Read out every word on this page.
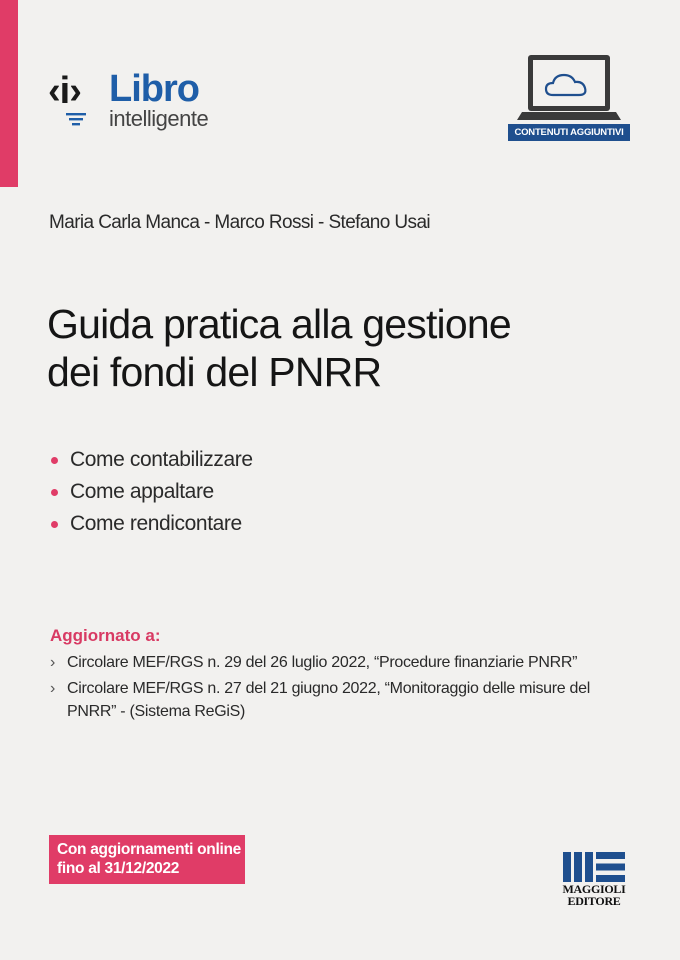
‹i› Libro
intelligente
CONTENUTI AGGIUNTIVI
Maria Carla Manca - Marco Rossi - Stefano Usai
Guida pratica alla gestione
dei fondi del PNRR
Come contabilizzare
Come appaltare
Come rendicontare
Aggiornato a:
› Circolare MEF/RGS n. 29 del 26 luglio 2022, “Procedure finanziarie PNRR”
› Circolare MEF/RGS n. 27 del 21 giugno 2022, “Monitoraggio delle misure del PNRR” - (Sistema ReGiS)
Con aggiornamenti online
fino al 31/12/2022
MAGGIOLI
EDITORE
